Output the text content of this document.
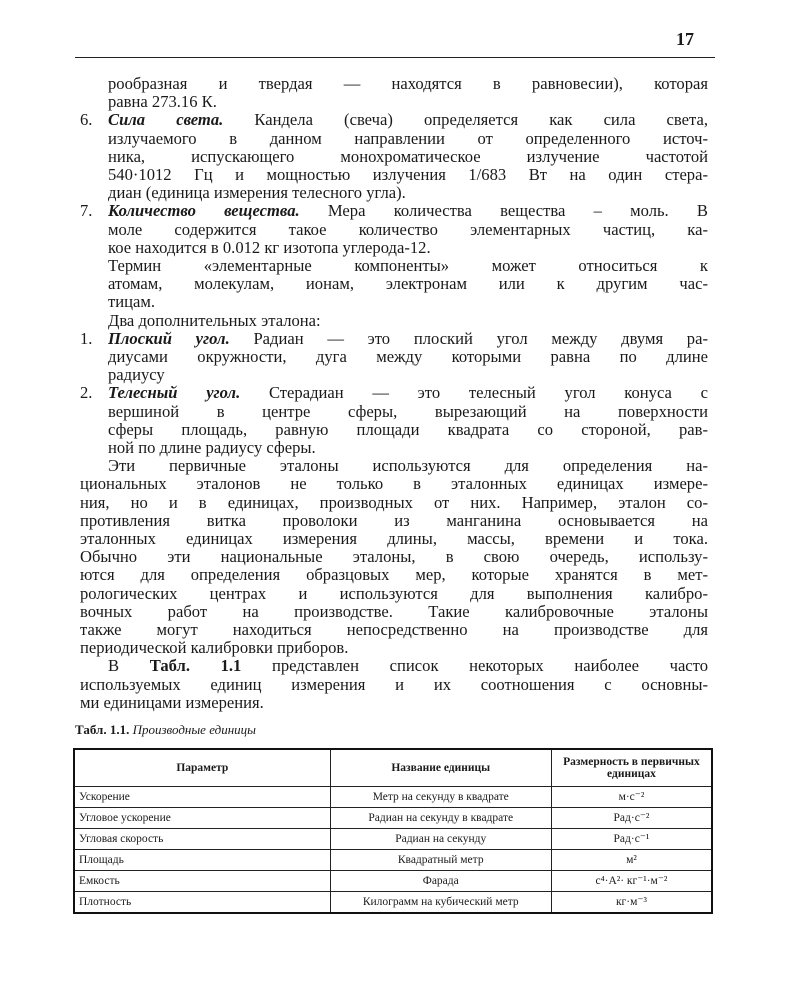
17
рообразная и твердая — находятся в равновесии), которая
равна 273.16 К.
6. Сила света. Кандела (свеча) определяется как сила света,
излучаемого в данном направлении от определенного источ-
ника, испускающего монохроматическое излучение частотой
540·1012 Гц и мощностью излучения 1/683 Вт на один стера-
диан (единица измерения телесного угла).
7. Количество вещества. Мера количества вещества – моль. В
моле содержится такое количество элементарных частиц, ка-
кое находится в 0.012 кг изотопа углерода-12.
Термин «элементарные компоненты» может относиться к
атомам, молекулам, ионам, электронам или к другим час-
тицам.
Два дополнительных эталона:
1. Плоский угол. Радиан — это плоский угол между двумя ра-
диусами окружности, дуга между которыми равна по длине
радиусу
2. Телесный угол. Стерадиан — это телесный угол конуса с
вершиной в центре сферы, вырезающий на поверхности
сферы площадь, равную площади квадрата со стороной, рав-
ной по длине радиусу сферы.
Эти первичные эталоны используются для определения на-
циональных эталонов не только в эталонных единицах измере-
ния, но и в единицах, производных от них. Например, эталон со-
противления витка проволоки из манганина основывается на
эталонных единицах измерения длины, массы, времени и тока.
Обычно эти национальные эталоны, в свою очередь, использу-
ются для определения образцовых мер, которые хранятся в мет-
рологических центрах и используются для выполнения калибро-
вочных работ на производстве. Такие калибровочные эталоны
также могут находиться непосредственно на производстве для
периодической калибровки приборов.
В Табл. 1.1 представлен список некоторых наиболее часто
используемых единиц измерения и их соотношения с основны-
ми единицами измерения.
Табл. 1.1. Производные единицы
Параметр	Название единицы	Размерность в первичных единицах
Ускорение	Метр на секунду в квадрате	м·с⁻²
Угловое ускорение	Радиан на секунду в квадрате	Рад·с⁻²
Угловая скорость	Радиан на секунду	Рад·с⁻¹
Площадь	Квадратный метр	м²
Емкость	Фарада	с⁴·А²· кг⁻¹·м⁻²
Плотность	Килограмм на кубический метр	кг·м⁻³
